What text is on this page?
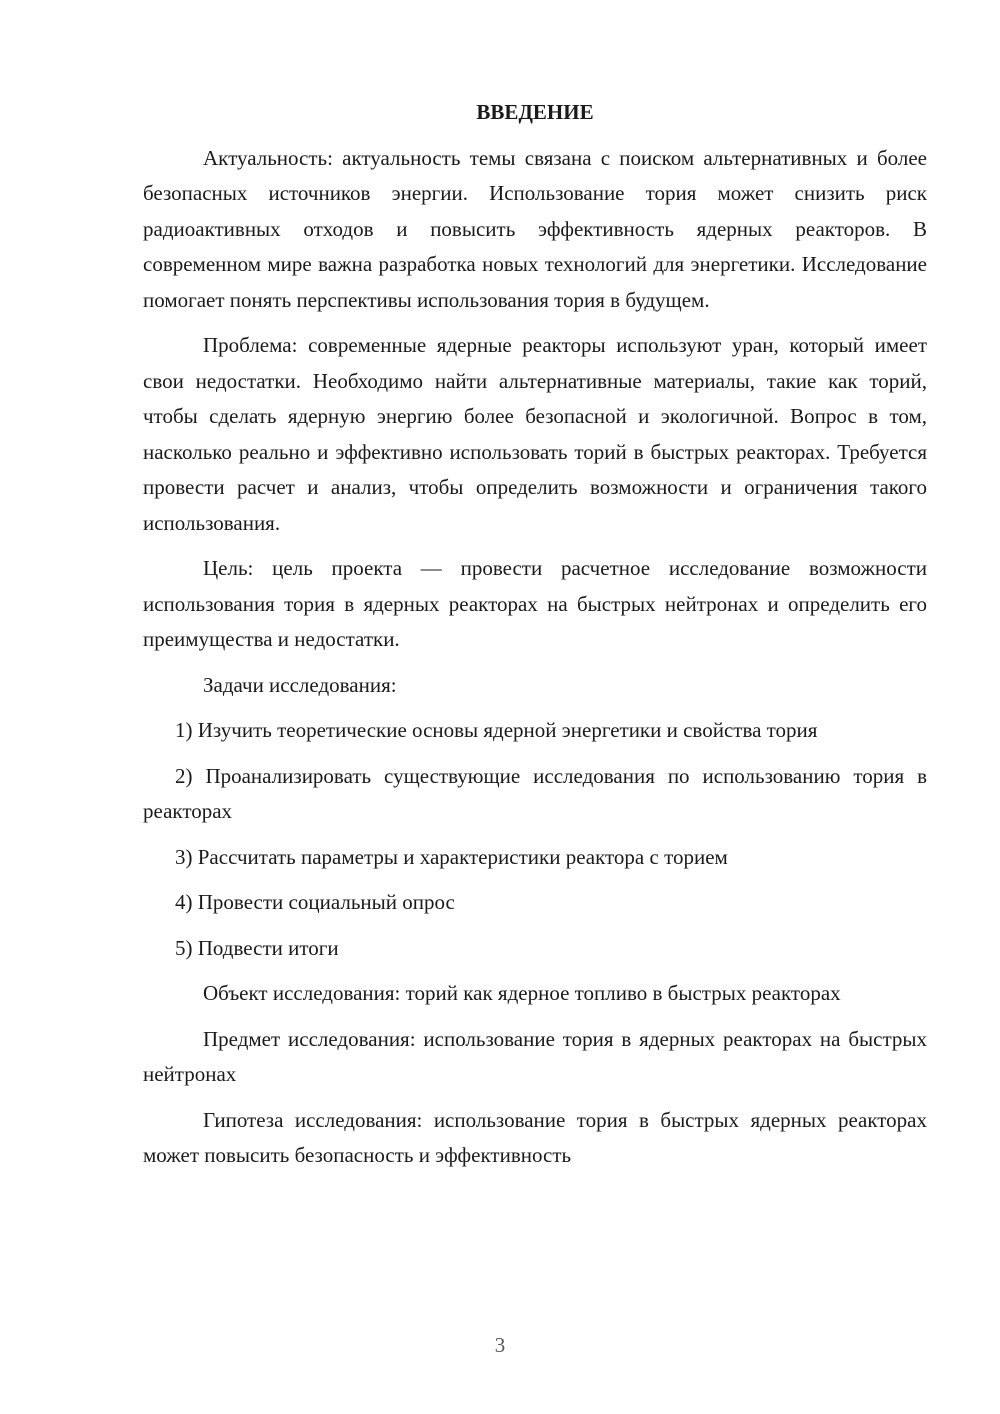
ВВЕДЕНИЕ

Актуальность: актуальность темы связана с поиском альтернативных и более безопасных источников энергии. Использование тория может снизить риск радиоактивных отходов и повысить эффективность ядерных реакторов. В современном мире важна разработка новых технологий для энергетики. Исследование помогает понять перспективы использования тория в будущем.

Проблема: современные ядерные реакторы используют уран, который имеет свои недостатки. Необходимо найти альтернативные материалы, такие как торий, чтобы сделать ядерную энергию более безопасной и экологичной. Вопрос в том, насколько реально и эффективно использовать торий в быстрых реакторах. Требуется провести расчет и анализ, чтобы определить возможности и ограничения такого использования.

Цель: цель проекта — провести расчетное исследование возможности использования тория в ядерных реакторах на быстрых нейтронах и определить его преимущества и недостатки.

Задачи исследования:

1) Изучить теоретические основы ядерной энергетики и свойства тория

2) Проанализировать существующие исследования по использованию тория в реакторах

3) Рассчитать параметры и характеристики реактора с торием

4) Провести социальный опрос

5) Подвести итоги

Объект исследования: торий как ядерное топливо в быстрых реакторах

Предмет исследования: использование тория в ядерных реакторах на быстрых нейтронах

Гипотеза исследования: использование тория в быстрых ядерных реакторах может повысить безопасность и эффективность

3
